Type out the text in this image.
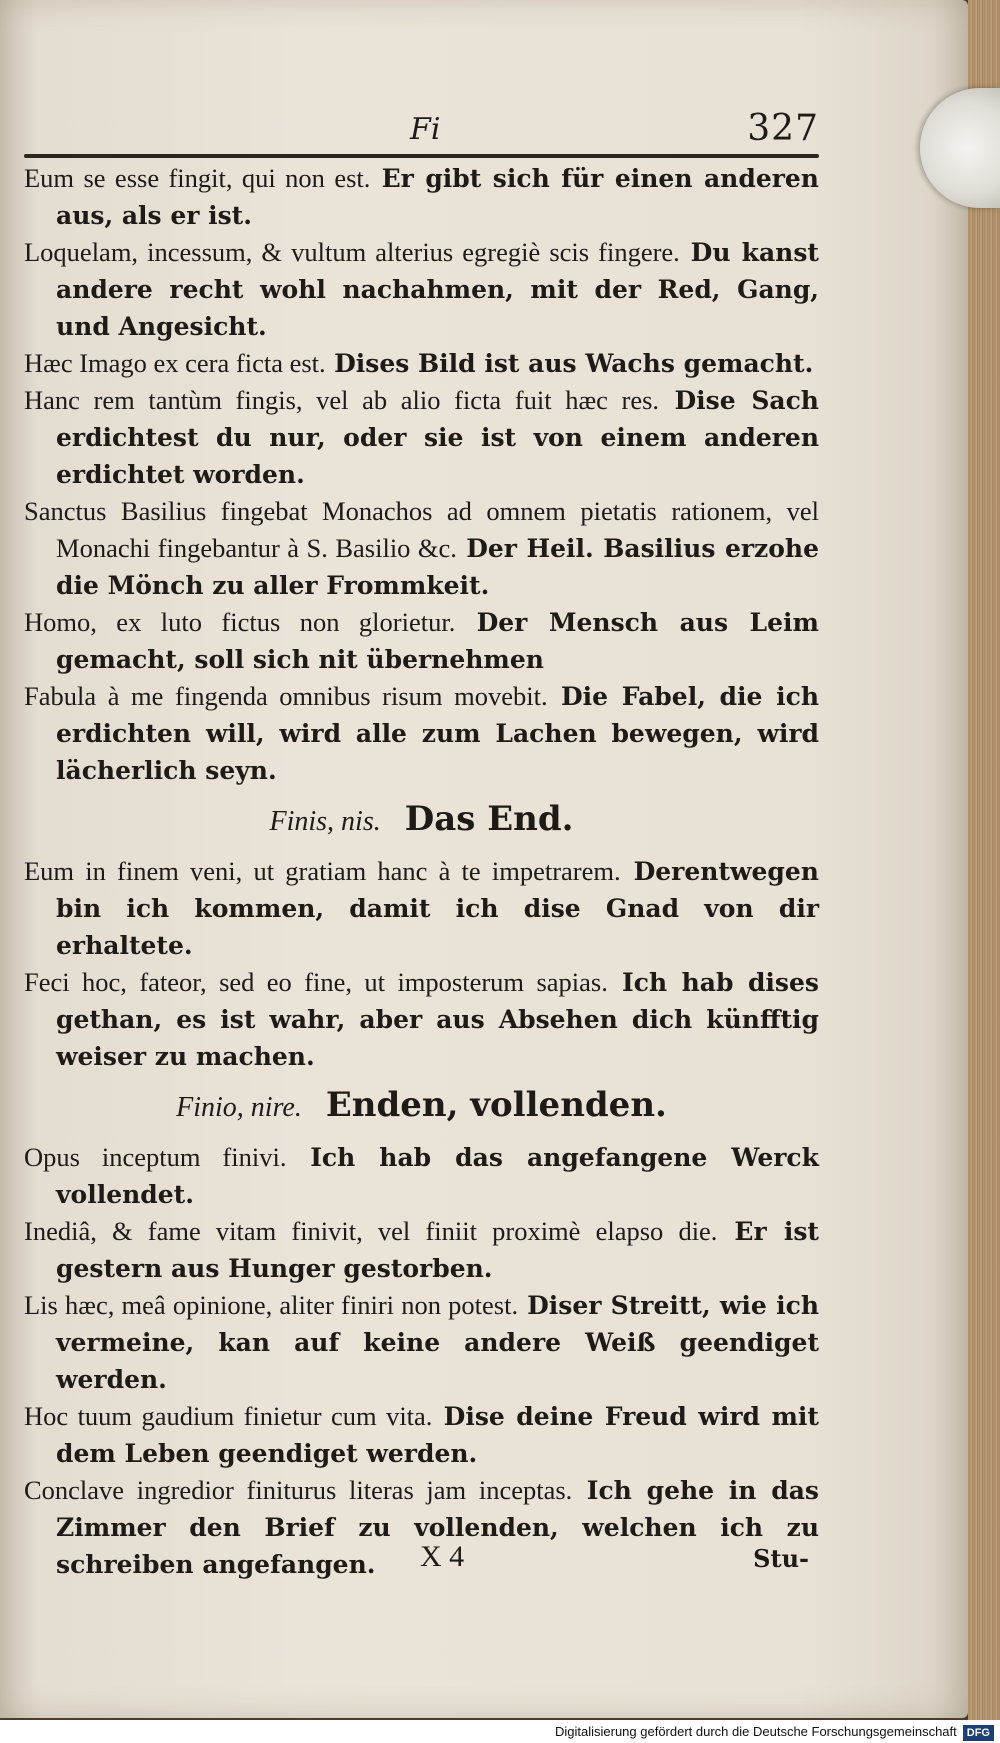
Fi	327

Eum se esse fingit, qui non est. Er gibt sich für einen anderen aus, als er ist.

Loquelam, incessum, & vultum alterius egregiè scis fingere. Du kanst andere recht wohl nachahmen, mit der Red, Gang, und Angesicht.

Hæc Imago ex cera ficta est. Dises Bild ist aus Wachs gemacht.

Hanc rem tantùm fingis, vel ab alio ficta fuit hæc res. Dise Sach erdichtest du nur, oder sie ist von einem anderen erdichtet worden.

Sanctus Basilius fingebat Monachos ad omnem pietatis rationem, vel Monachi fingebantur à S. Basilio &c. Der Heil. Basilius erzohe die Mönch zu aller Frommkeit.

Homo, ex luto fictus non glorietur. Der Mensch aus Leim gemacht, soll sich nit übernehmen

Fabula à me fingenda omnibus risum movebit. Die Fabel, die ich erdichten will, wird alle zum Lachen bewegen, wird lächerlich seyn.

Finis, nis. Das End.

Eum in finem veni, ut gratiam hanc à te impetrarem. Derentwegen bin ich kommen, damit ich dise Gnad von dir erhaltete.

Feci hoc, fateor, sed eo fine, ut imposterum sapias. Ich hab dises gethan, es ist wahr, aber aus Absehen dich künfftig weiser zu machen.

Finio, nire. Enden, vollenden.

Opus inceptum finivi. Ich hab das angefangene Werck vollendet.

Inediâ, & fame vitam finivit, vel finiit proximè elapso die. Er ist gestern aus Hunger gestorben.

Lis hæc, meâ opinione, aliter finiri non potest. Diser Streitt, wie ich vermeine, kan auf keine andere Weiß geendiget werden.

Hoc tuum gaudium finietur cum vita. Dise deine Freud wird mit dem Leben geendiget werden.

Conclave ingredior finiturus literas jam inceptas. Ich gehe in das Zimmer den Brief zu vollenden, welchen ich zu schreiben angefangen.	X 4	Stu-
Digitalisierung gefördert durch die Deutsche Forschungsgemeinschaft DFG
